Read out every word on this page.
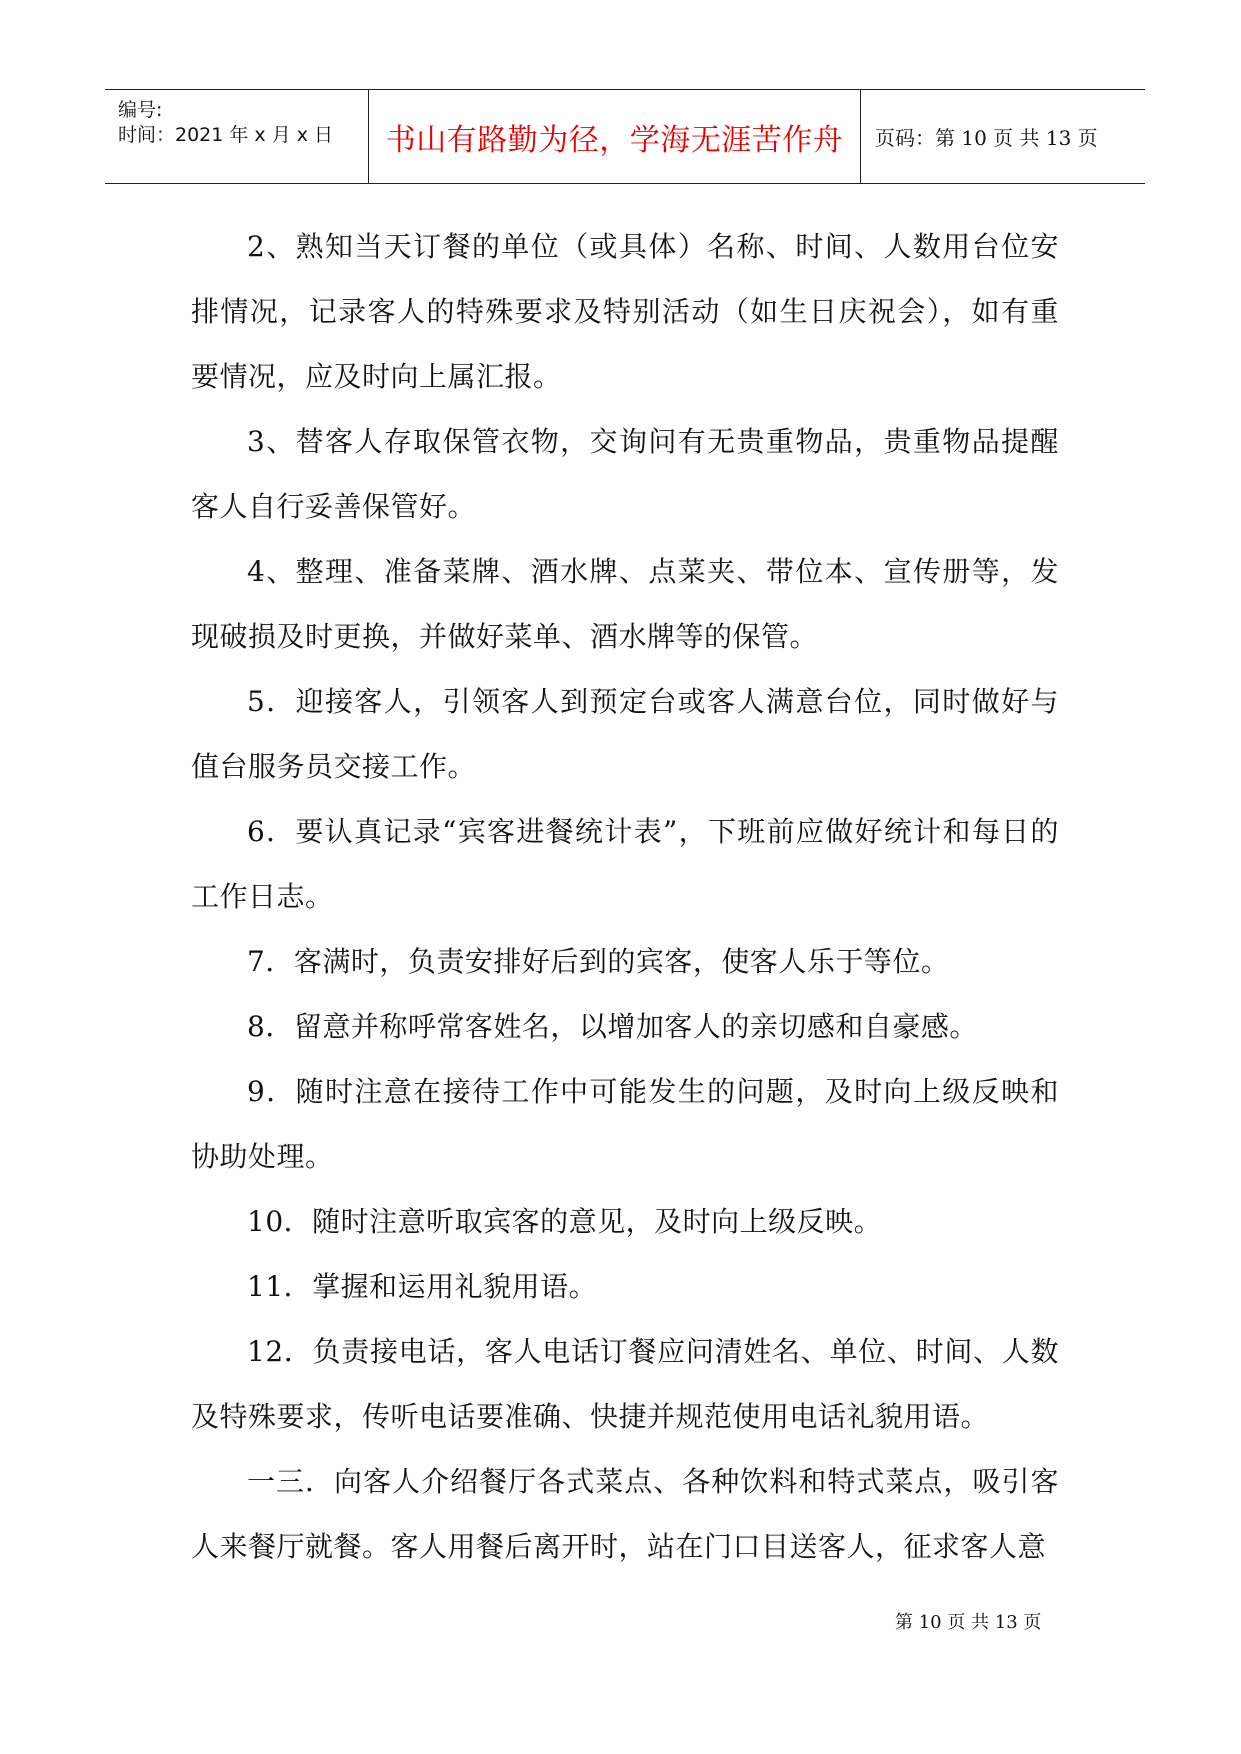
编号:
时间：2021 年 x 月 x 日 书山有路勤为径，学海无涯苦作舟 页码：第 10 页 共 13 页

2、熟知当天订餐的单位（或具体）名称、时间、人数用台位安排情况，记录客人的特殊要求及特别活动（如生日庆祝会），如有重要情况，应及时向上属汇报。

3、替客人存取保管衣物，交询问有无贵重物品，贵重物品提醒客人自行妥善保管好。

4、整理、准备菜牌、酒水牌、点菜夹、带位本、宣传册等，发现破损及时更换，并做好菜单、酒水牌等的保管。

5．迎接客人，引领客人到预定台或客人满意台位，同时做好与值台服务员交接工作。

6．要认真记录“宾客进餐统计表”，下班前应做好统计和每日的工作日志。

7．客满时，负责安排好后到的宾客，使客人乐于等位。

8．留意并称呼常客姓名，以增加客人的亲切感和自豪感。

9．随时注意在接待工作中可能发生的问题，及时向上级反映和协助处理。

10．随时注意听取宾客的意见，及时向上级反映。

11．掌握和运用礼貌用语。

12．负责接电话，客人电话订餐应问清姓名、单位、时间、人数及特殊要求，传听电话要准确、快捷并规范使用电话礼貌用语。

一三．向客人介绍餐厅各式菜点、各种饮料和特式菜点，吸引客人来餐厅就餐。客人用餐后离开时，站在门口目送客人，征求客人意

第 10 页 共 13 页
